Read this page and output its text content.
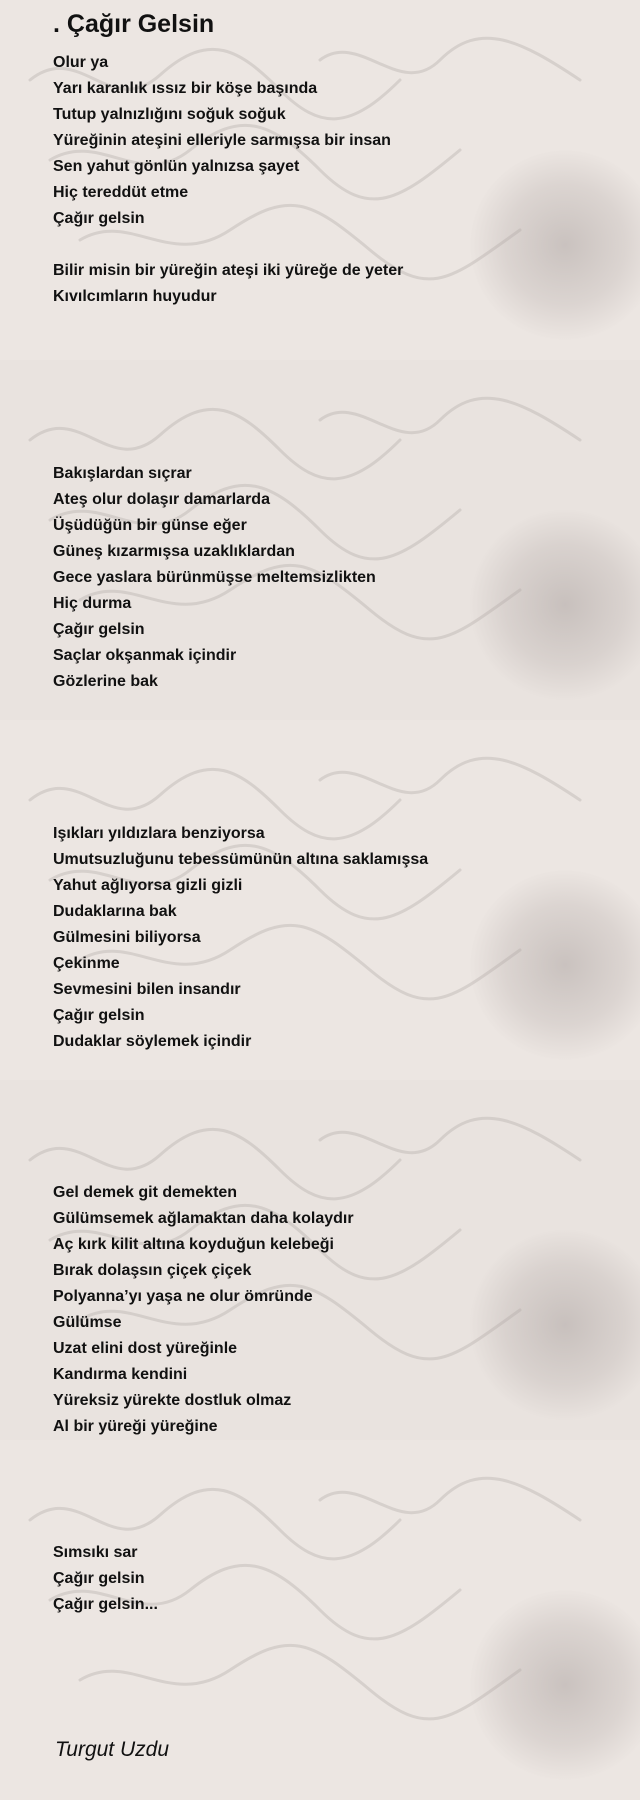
. Çağır Gelsin
Olur ya
Yarı karanlık ıssız bir köşe başında
Tutup yalnızlığını soğuk soğuk
Yüreğinin ateşini elleriyle sarmışsa bir insan
Sen yahut gönlün yalnızsa şayet
Hiç tereddüt etme
Çağır gelsin
Bilir misin bir yüreğin ateşi iki yüreğe de yeter
Kıvılcımların huyudur
Bakışlardan sıçrar
Ateş olur dolaşır damarlarda
Üşüdüğün bir günse eğer
Güneş kızarmışsa uzaklıklardan
Gece yaslara bürünmüşse meltemsizlikten
Hiç durma
Çağır gelsin
Saçlar okşanmak içindir
Gözlerine bak
Işıkları yıldızlara benziyorsa
Umutsuzluğunu tebessümünün altına saklamışsa
Yahut ağlıyorsa gizli gizli
Dudaklarına bak
Gülmesini biliyorsa
Çekinme
Sevmesini bilen insandır
Çağır gelsin
Dudaklar söylemek içindir
Gel demek git demekten
Gülümsemek ağlamaktan daha kolaydır
Aç kırk kilit altına koyduğun kelebeği
Bırak dolaşsın çiçek çiçek
Polyanna’yı yaşa ne olur ömründe
Gülümse
Uzat elini dost yüreğinle
Kandırma kendini
Yüreksiz yürekte dostluk olmaz
Al bir yüreği yüreğine
Sımsıkı sar
Çağır gelsin
Çağır gelsin...
Turgut Uzdu
